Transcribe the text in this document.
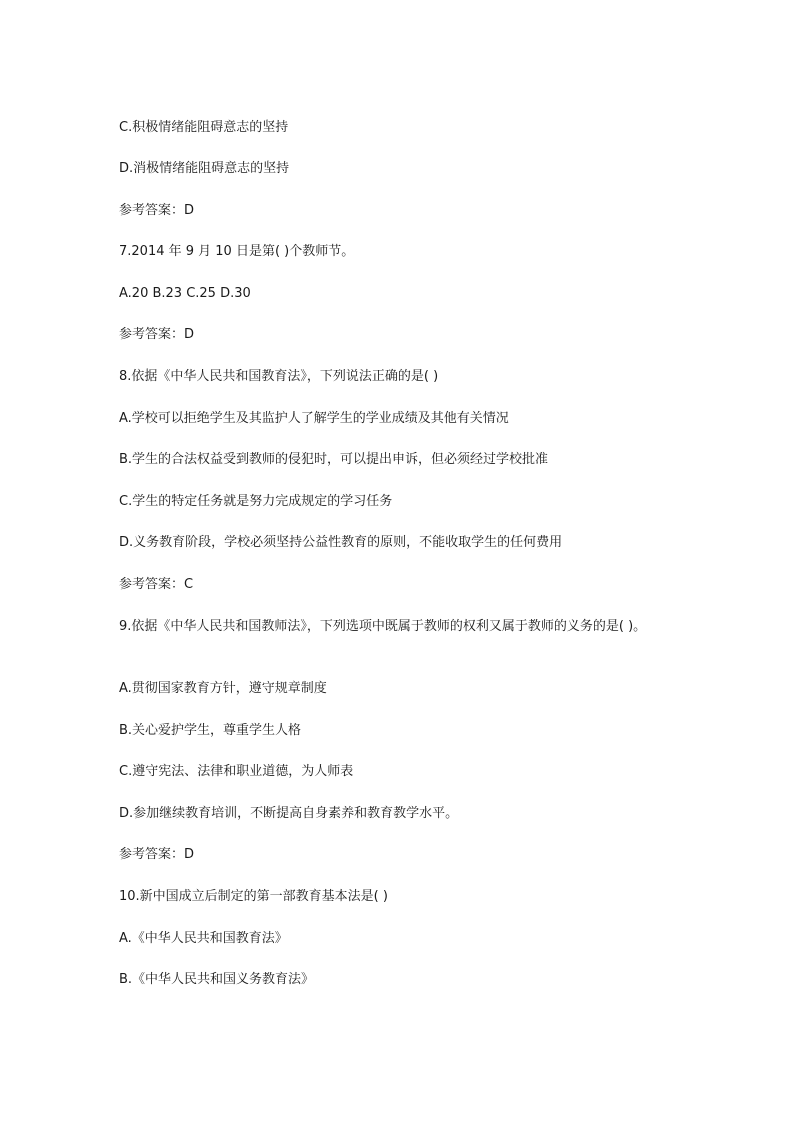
C.积极情绪能阻碍意志的坚持
D.消极情绪能阻碍意志的坚持
参考答案：D
7.2014 年 9 月 10 日是第( )个教师节。
A.20 B.23 C.25 D.30
参考答案：D
8.依据《中华人民共和国教育法》，下列说法正确的是( )
A.学校可以拒绝学生及其监护人了解学生的学业成绩及其他有关情况
B.学生的合法权益受到教师的侵犯时，可以提出申诉，但必须经过学校批准
C.学生的特定任务就是努力完成规定的学习任务
D.义务教育阶段，学校必须坚持公益性教育的原则，不能收取学生的任何费用
参考答案：C
9.依据《中华人民共和国教师法》，下列选项中既属于教师的权利又属于教师的义务的是( )。
A.贯彻国家教育方针，遵守规章制度
B.关心爱护学生，尊重学生人格
C.遵守宪法、法律和职业道德，为人师表
D.参加继续教育培训，不断提高自身素养和教育教学水平。
参考答案：D
10.新中国成立后制定的第一部教育基本法是( )
A.《中华人民共和国教育法》
B.《中华人民共和国义务教育法》
